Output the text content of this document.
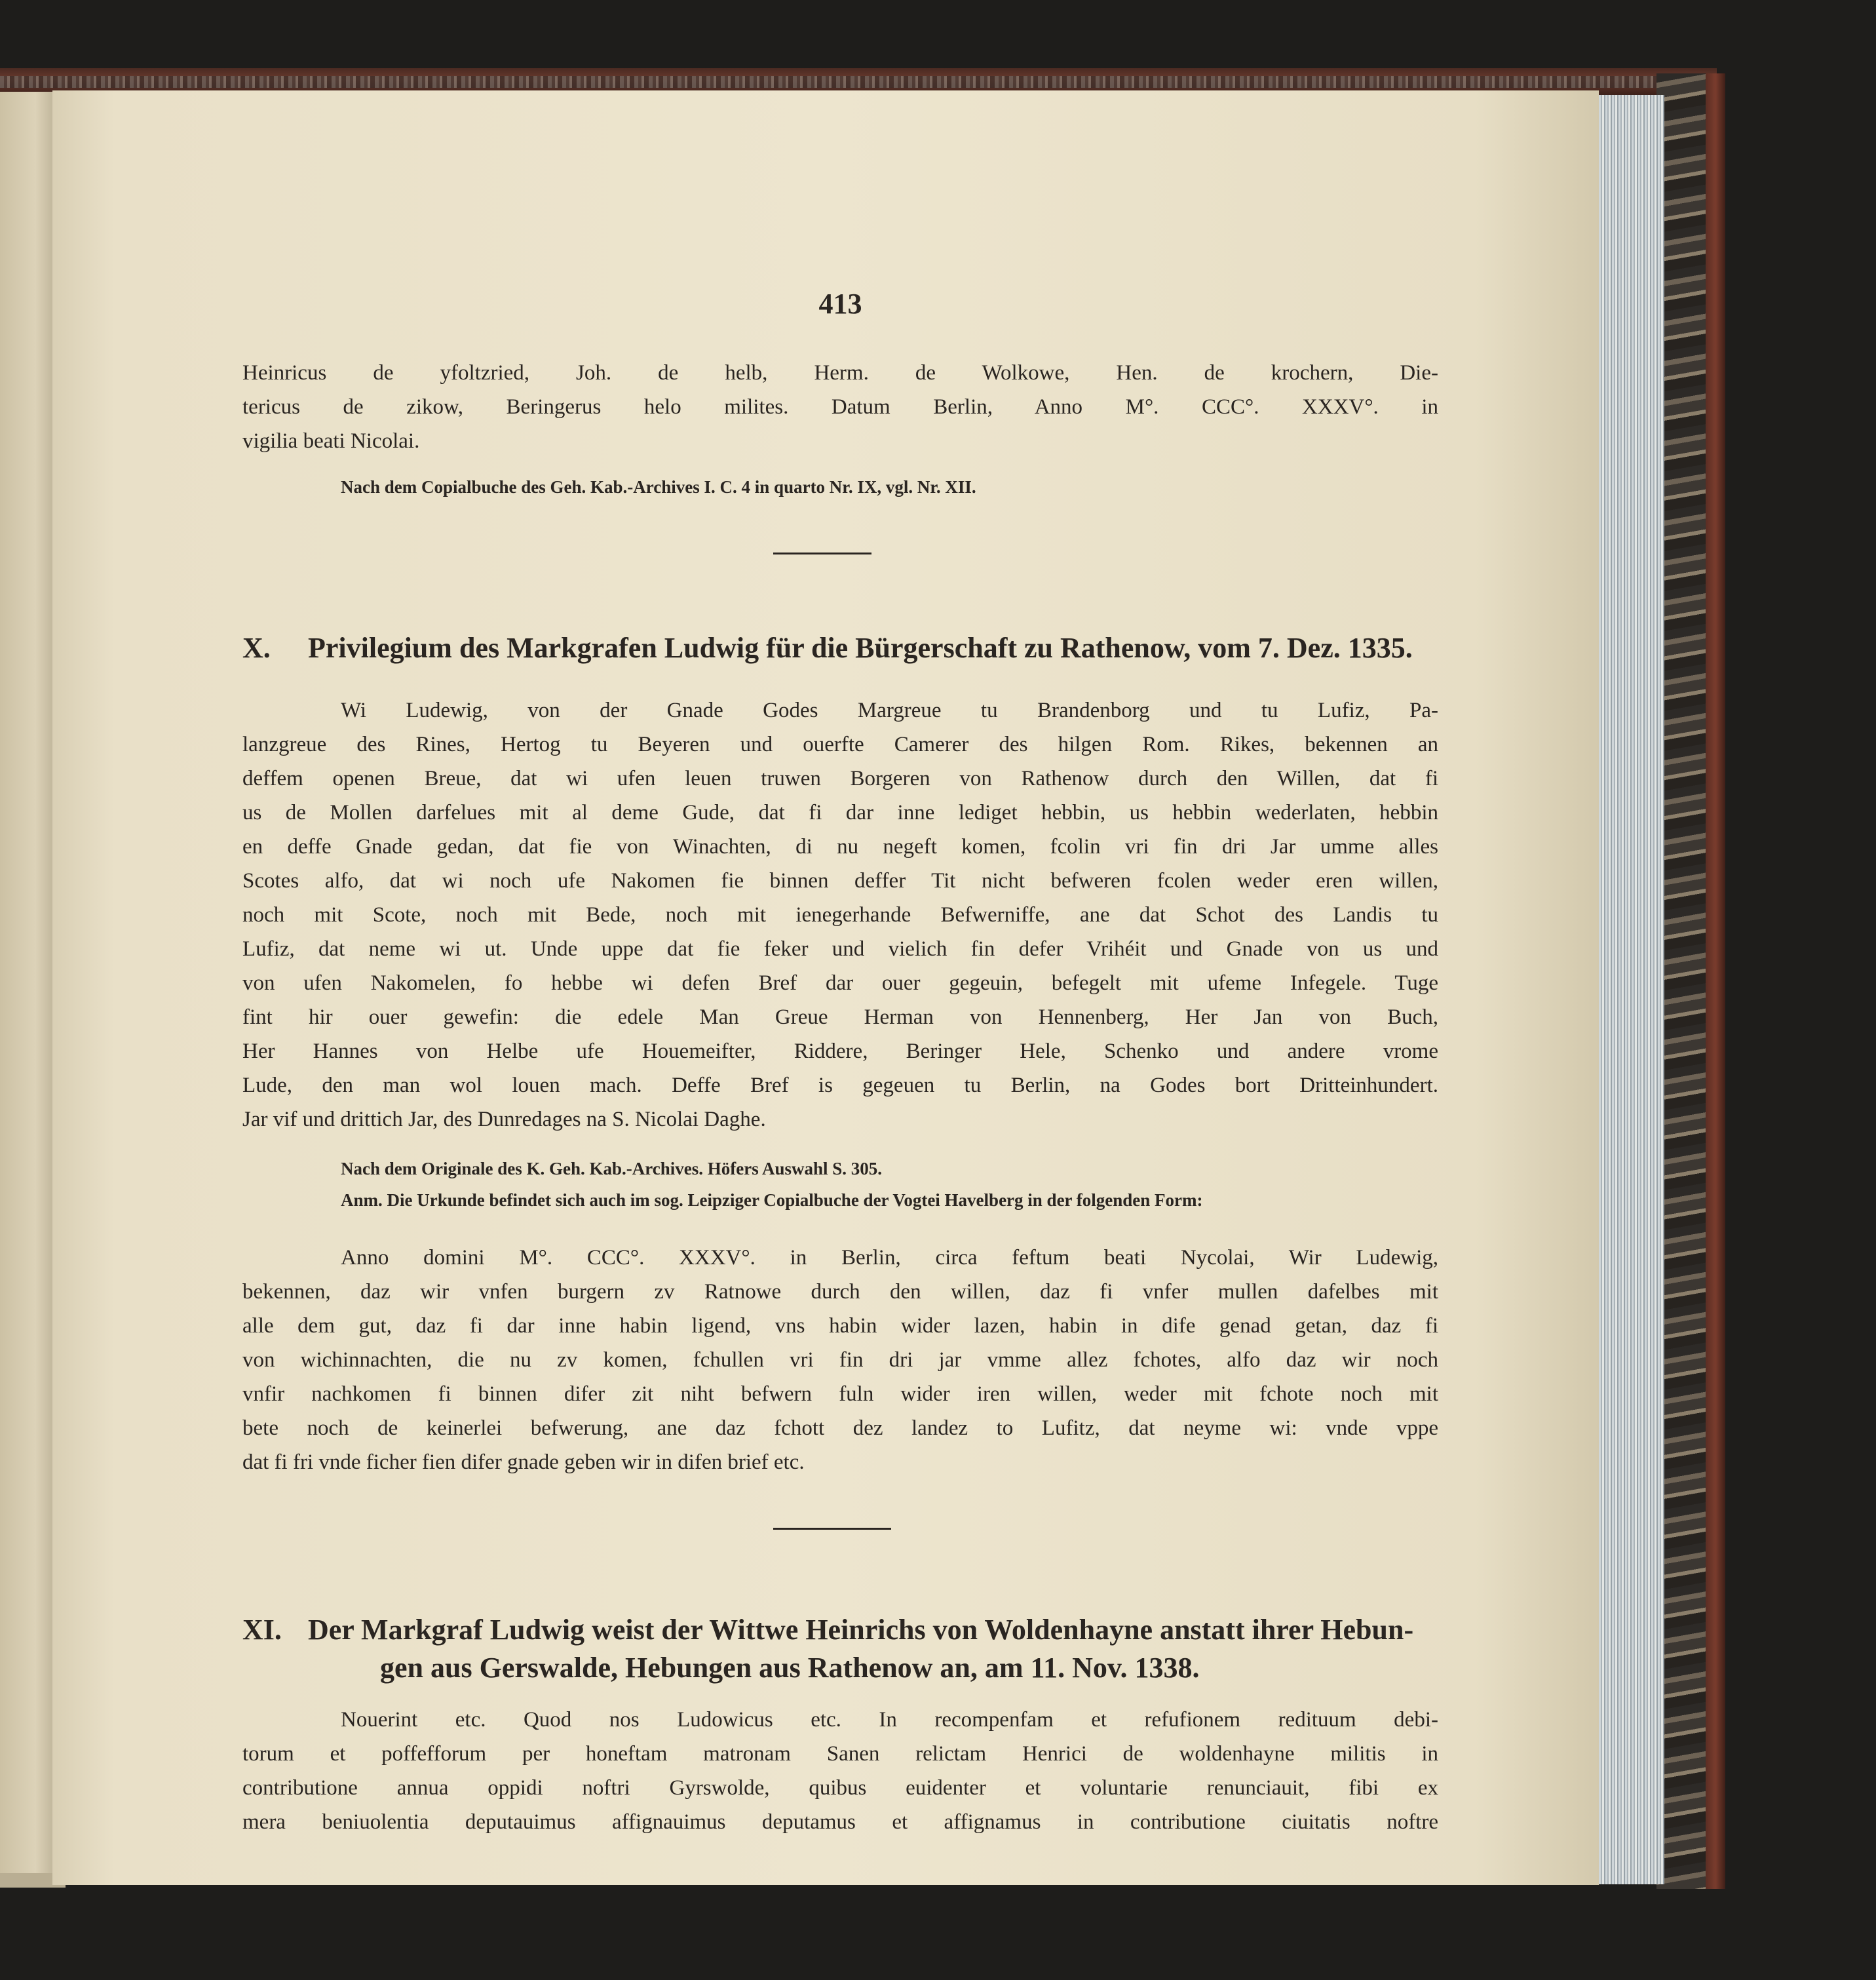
413
Heinricus de yfoltzried, Joh. de helb, Herm. de Wolkowe, Hen. de krochern, Die-
tericus de zikow, Beringerus helo milites. Datum Berlin, Anno M°. CCC°. XXXV°. in
vigilia beati Nicolai.
Nach dem Copialbuche des Geh. Kab.-Archives I. C. 4 in quarto Nr. IX, vgl. Nr. XII.
X. Privilegium des Markgrafen Ludwig für die Bürgerschaft zu Rathenow, vom 7. Dez. 1335.
Wi Ludewig, von der Gnade Godes Margreue tu Brandenborg und tu Lufiz, Pa-
lanzgreue des Rines, Hertog tu Beyeren und ouerfte Camerer des hilgen Rom. Rikes, bekennen an
deffem openen Breue, dat wi ufen leuen truwen Borgeren von Rathenow durch den Willen, dat fi
us de Mollen darfelues mit al deme Gude, dat fi dar inne lediget hebbin, us hebbin wederlaten, hebbin
en deffe Gnade gedan, dat fie von Winachten, di nu negeft komen, fcolin vri fin dri Jar umme alles
Scotes alfo, dat wi noch ufe Nakomen fie binnen deffer Tit nicht befweren fcolen weder eren willen,
noch mit Scote, noch mit Bede, noch mit ienegerhande Befwerniffe, ane dat Schot des Landis tu
Lufiz, dat neme wi ut. Unde uppe dat fie feker und vielich fin defer Vrihéit und Gnade von us und
von ufen Nakomelen, fo hebbe wi defen Bref dar ouer gegeuin, befegelt mit ufeme Infegele. Tuge
fint hir ouer gewefin: die edele Man Greue Herman von Hennenberg, Her Jan von Buch,
Her Hannes von Helbe ufe Houemeifter, Riddere, Beringer Hele, Schenko und andere vrome
Lude, den man wol louen mach. Deffe Bref is gegeuen tu Berlin, na Godes bort Dritteinhundert.
Jar vif und drittich Jar, des Dunredages na S. Nicolai Daghe.
Nach dem Originale des K. Geh. Kab.-Archives. Höfers Auswahl S. 305.
Anm. Die Urkunde befindet sich auch im sog. Leipziger Copialbuche der Vogtei Havelberg in der folgenden Form:
Anno domini M°. CCC°. XXXV°. in Berlin, circa feftum beati Nycolai, Wir Ludewig,
bekennen, daz wir vnfen burgern zv Ratnowe durch den willen, daz fi vnfer mullen dafelbes mit
alle dem gut, daz fi dar inne habin ligend, vns habin wider lazen, habin in dife genad getan, daz fi
von wichinnachten, die nu zv komen, fchullen vri fin dri jar vmme allez fchotes, alfo daz wir noch
vnfir nachkomen fi binnen difer zit niht befwern fuln wider iren willen, weder mit fchote noch mit
bete noch de keinerlei befwerung, ane daz fchott dez landez to Lufitz, dat neyme wi: vnde vppe
dat fi fri vnde ficher fien difer gnade geben wir in difen brief etc.
XI. Der Markgraf Ludwig weist der Wittwe Heinrichs von Woldenhayne anstatt ihrer Hebun-
gen aus Gerswalde, Hebungen aus Rathenow an, am 11. Nov. 1338.
Nouerint etc. Quod nos Ludowicus etc. In recompenfam et refufionem redituum debi-
torum et poffefforum per honeftam matronam Sanen relictam Henrici de woldenhayne militis in
contributione annua oppidi noftri Gyrswolde, quibus euidenter et voluntarie renunciauit, fibi ex
mera beniuolentia deputauimus affignauimus deputamus et affignamus in contributione ciuitatis noftre
